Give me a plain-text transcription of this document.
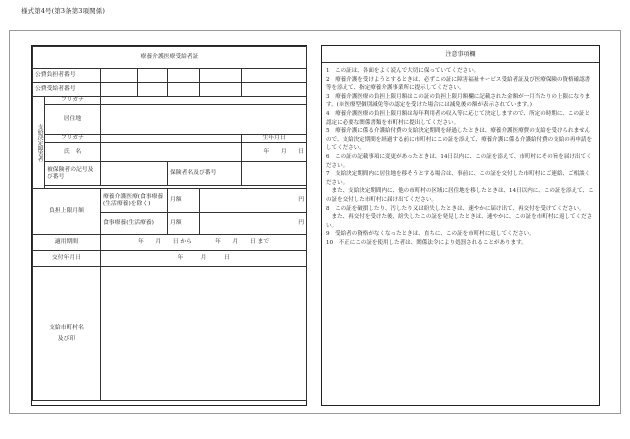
様式第4号(第3条第3項関係)
療養介護医療受給者証						
公費負担者番号						
公費受給者番号						
支給決定障害者	フリガナ					
	居住地					
	フリガナ					生年月日
	氏　名					年　　月　　日
	被保険者の記号及び番号			保険者名及び番号		

負担上限月額		療養介護医療(食事療養(生活療養)を除く)		月額	円	
		食事療養(生活療養)		月額	円	
適用期間		年　　月　　日 から　　　　年　　月　　日 まで				
交付年月日		年　　　月　　　日				

支給市町村名
及び印						

注意事項欄

1　この証は、各面をよく読んで大切に保っていてください。

2　療養介護を受けようとするときは、必ずこの証に障害福祉サービス受給者証及び医療保険の資格確認書等を添えて、指定療養介護事業所に提示してください。

3　療養介護医療の負担上限月額はこの証の負担上限月額欄に記載された金額が一月当たりの上限になります。(※医療型個別減免等の認定を受けた場合には減免後の額が表示されています。)

4　療養介護医療の負担上限月額は毎年利用者の収入等に応じて決定しますので、所定の時期に、この証と認定に必要な関係書類を市町村に提出してください。

5　療養介護に係る介護給付費の支給決定期間を経過したときは、療養介護医療費の支給を受けられませんので、支給決定期間を経過する前に市町村にこの証を添えて、療養介護に係る介護給付費の支給の再申請をしてください。

6　この証の記載事項に変更があったときは、14日以内に、この証を添えて、市町村にその旨を届け出てください。

7　支給決定期間内に居住地を移そうとする場合は、事前に、この証を交付した市町村にご連絡、ご相談ください。

　また、支給決定期間内に、他の市町村の区域に居住地を移したときは、14日以内に、この証を添えて、この証を交付した市町村に届け出てください。

8　この証を破損したり、汚したり又は紛失したときは、速やかに届け出て、再交付を受けてください。

　また、再交付を受けた後、紛失したこの証を発見したときは、速やかに、この証を市町村に返してください。

9　受給者の資格がなくなったときは、直ちに、この証を市町村に返してください。

10　不正にこの証を使用した者は、関係法令により処罰されることがあります。
